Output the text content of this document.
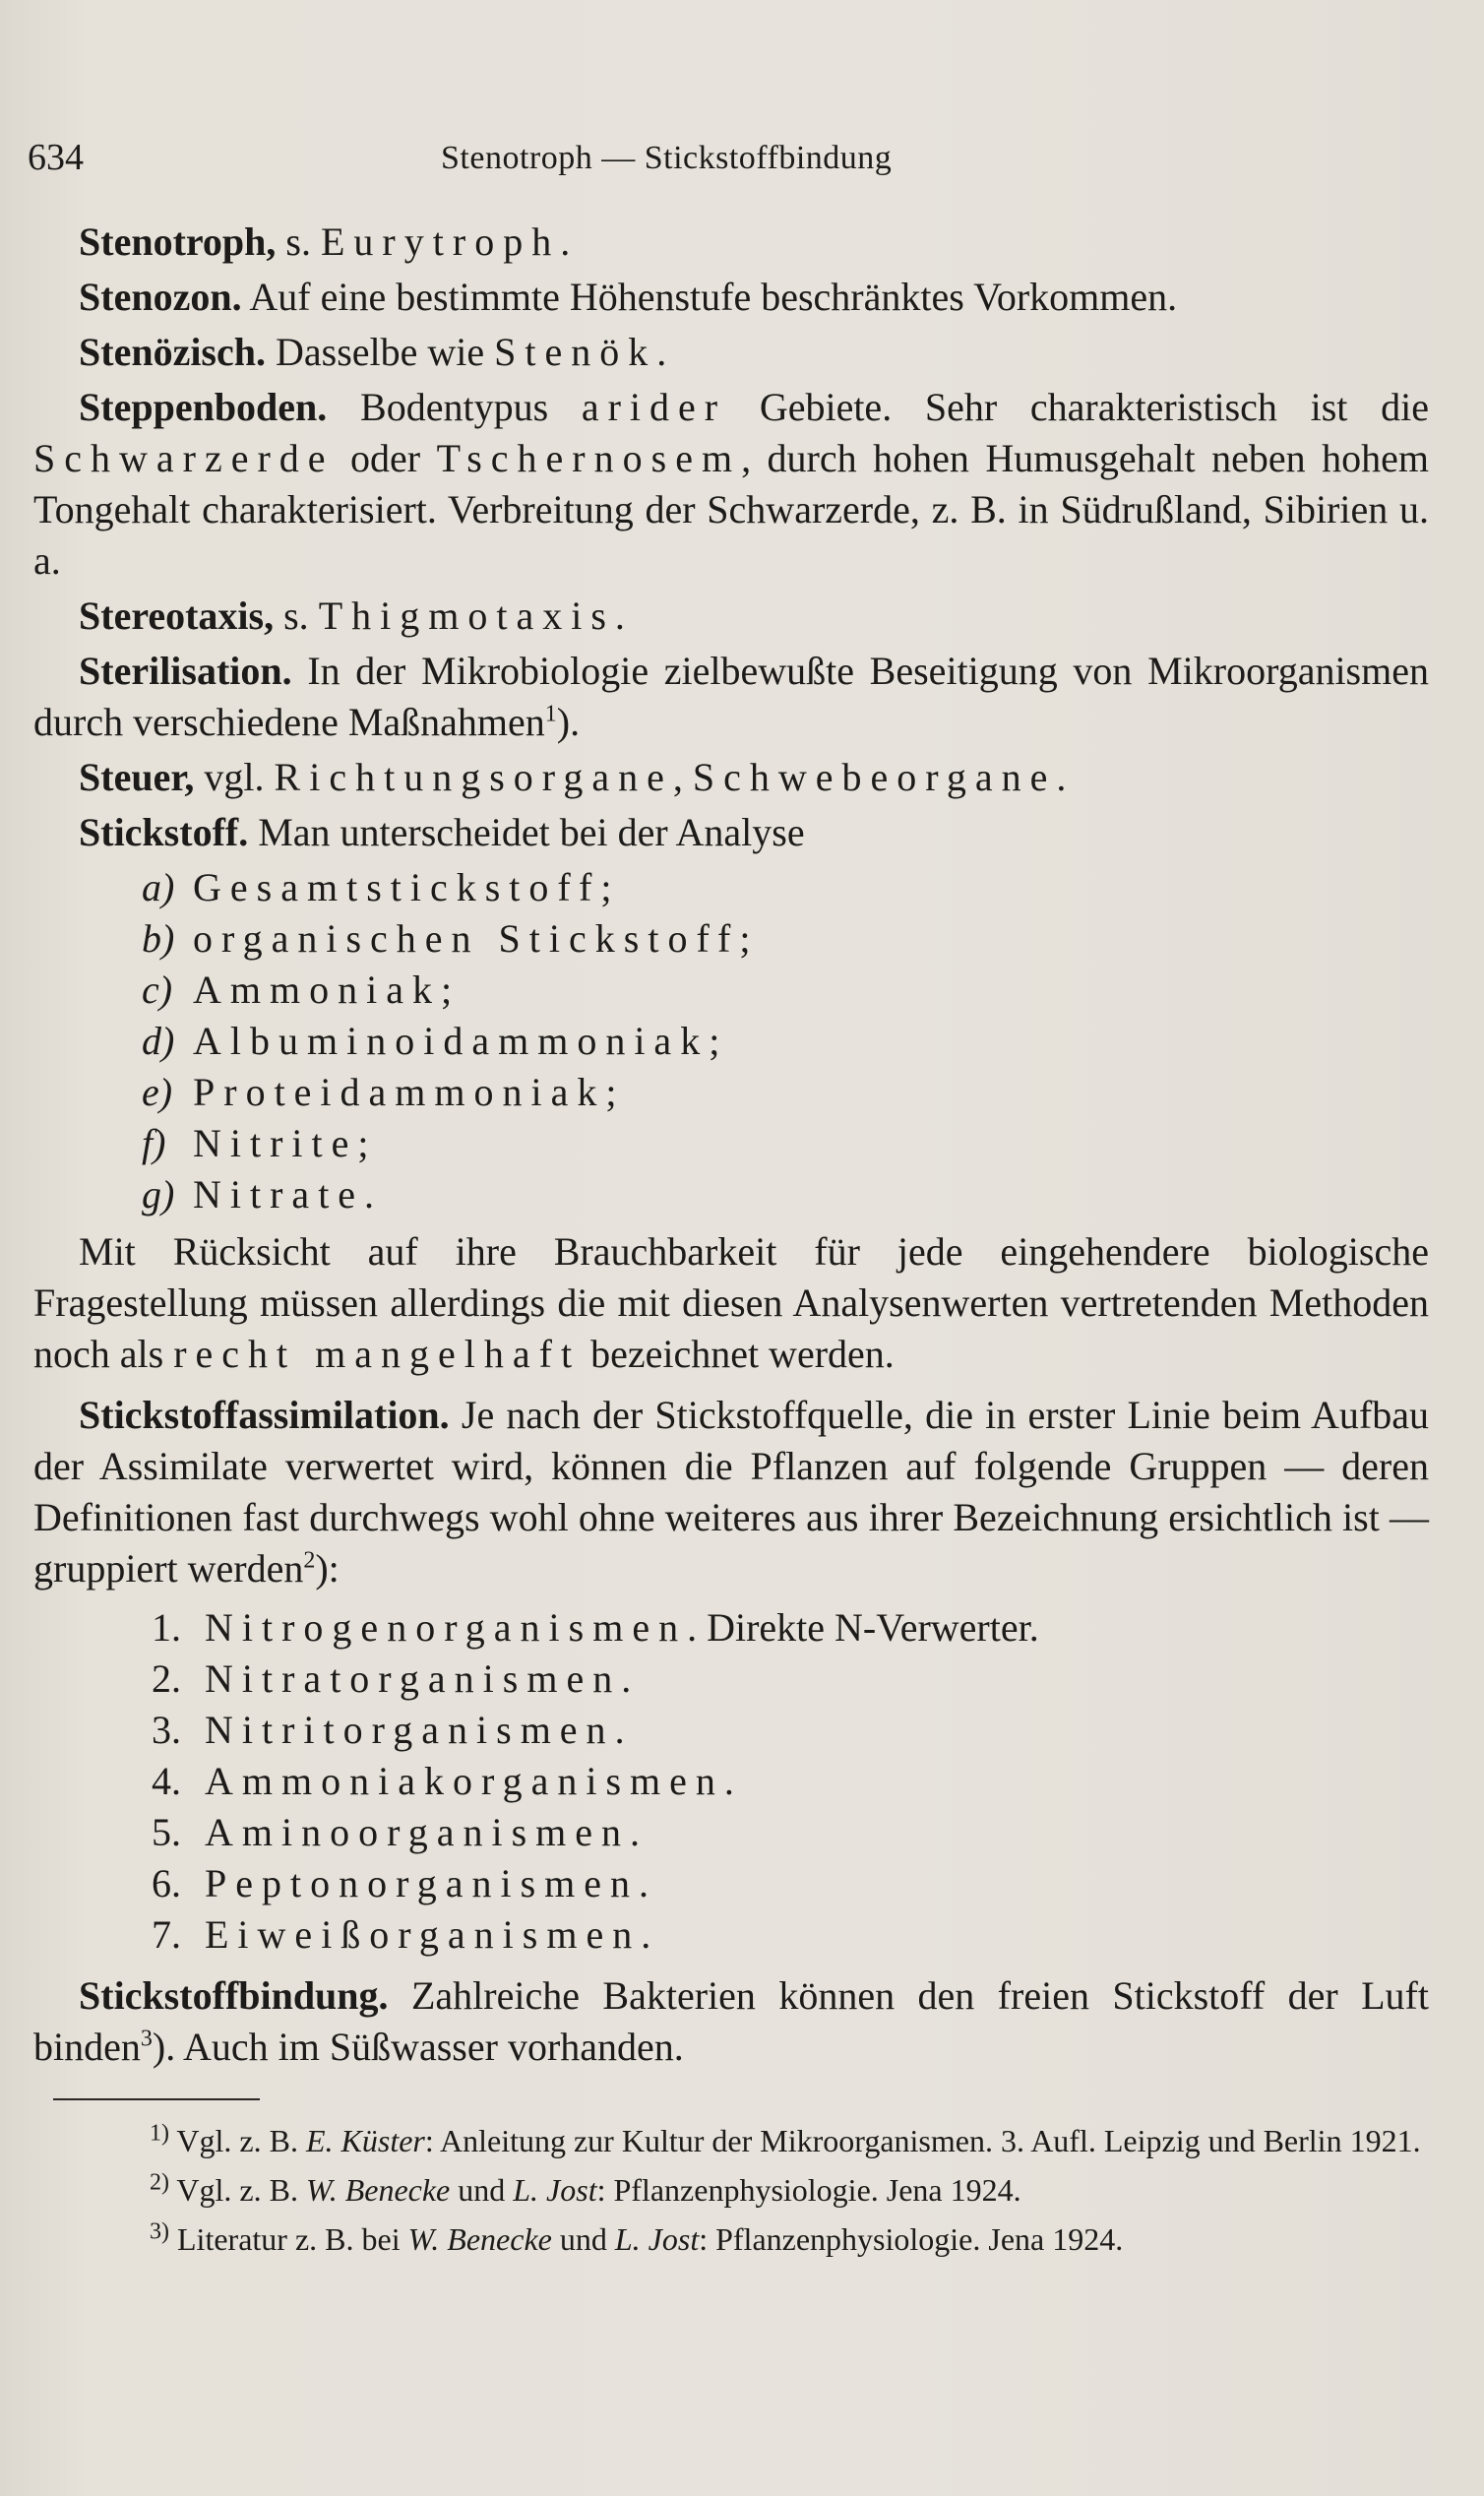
634	Stenotroph — Stickstoffbindung

Stenotroph, s. Eurytroph.

Stenozon. Auf eine bestimmte Höhenstufe beschränktes Vorkommen.

Stenözisch. Dasselbe wie Stenök.

Steppenboden. Bodentypus arider Gebiete. Sehr charakteristisch ist die Schwarzerde oder Tschernosem, durch hohen Humusgehalt neben hohem Tongehalt charakterisiert. Verbreitung der Schwarzerde, z. B. in Südrußland, Sibirien u. a.

Stereotaxis, s. Thigmotaxis.

Sterilisation. In der Mikrobiologie zielbewußte Beseitigung von Mikroorganismen durch verschiedene Maßnahmen$^1$).

Steuer, vgl. Richtungsorgane, Schwebeorgane.

Stickstoff. Man unterscheidet bei der Analyse

a) Gesamtstickstoff;
b) organischen Stickstoff;
c) Ammoniak;
d) Albuminoidammoniak;
e) Proteidammoniak;
f) Nitrite;
g) Nitrate.

Mit Rücksicht auf ihre Brauchbarkeit für jede eingehendere biologische Fragestellung müssen allerdings die mit diesen Analysenwerten vertretenden Methoden noch als recht mangelhaft bezeichnet werden.

Stickstoffassimilation. Je nach der Stickstoffquelle, die in erster Linie beim Aufbau der Assimilate verwertet wird, können die Pflanzen auf folgende Gruppen — deren Definitionen fast durchwegs wohl ohne weiteres aus ihrer Bezeichnung ersichtlich ist — gruppiert werden$^2$):

1. Nitrogenorganismen. Direkte N-Verwerter.
2. Nitratorganismen.
3. Nitritorganismen.
4. Ammoniakorganismen.
5. Aminoorganismen.
6. Peptonorganismen.
7. Eiweißorganismen.

Stickstoffbindung. Zahlreiche Bakterien können den freien Stickstoff der Luft binden$^3$). Auch im Süßwasser vorhanden.

$^{1)}$ Vgl. z. B. E. Küster: Anleitung zur Kultur der Mikroorganismen. 3. Aufl. Leipzig und Berlin 1921.

$^{2)}$ Vgl. z. B. W. Benecke und L. Jost: Pflanzenphysiologie. Jena 1924.

$^{3)}$ Literatur z. B. bei W. Benecke und L. Jost: Pflanzenphysiologie. Jena 1924.
